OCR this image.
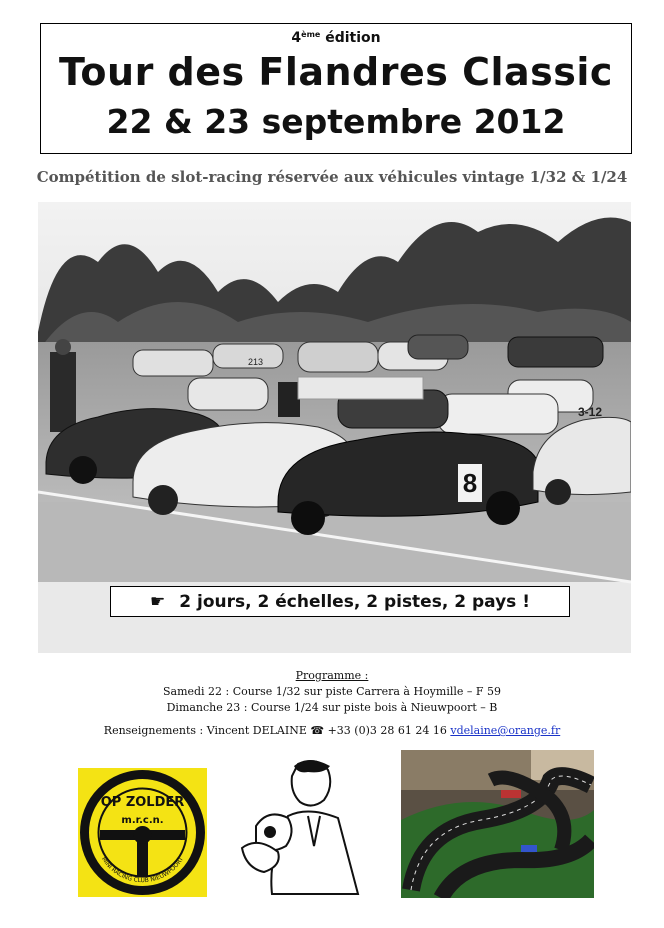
4ème édition
Tour des Flandres Classic
22 & 23 septembre 2012
Compétition de slot-racing réservée aux véhicules vintage 1/32 & 1/24
8
3-12
213
☛ 2 jours, 2 échelles, 2 pistes, 2 pays !
Programme :
Samedi 22 : Course 1/32 sur piste Carrera à Hoymille – F 59
Dimanche 23 : Course 1/24 sur piste bois à Nieuwpoort – B
Renseignements : Vincent DELAINE ☎ +33 (0)3 28 61 24 16 vdelaine@orange.fr
OP ZOLDER
m.r.c.n.
MINI RACING CLUB NIEUWPOORT
